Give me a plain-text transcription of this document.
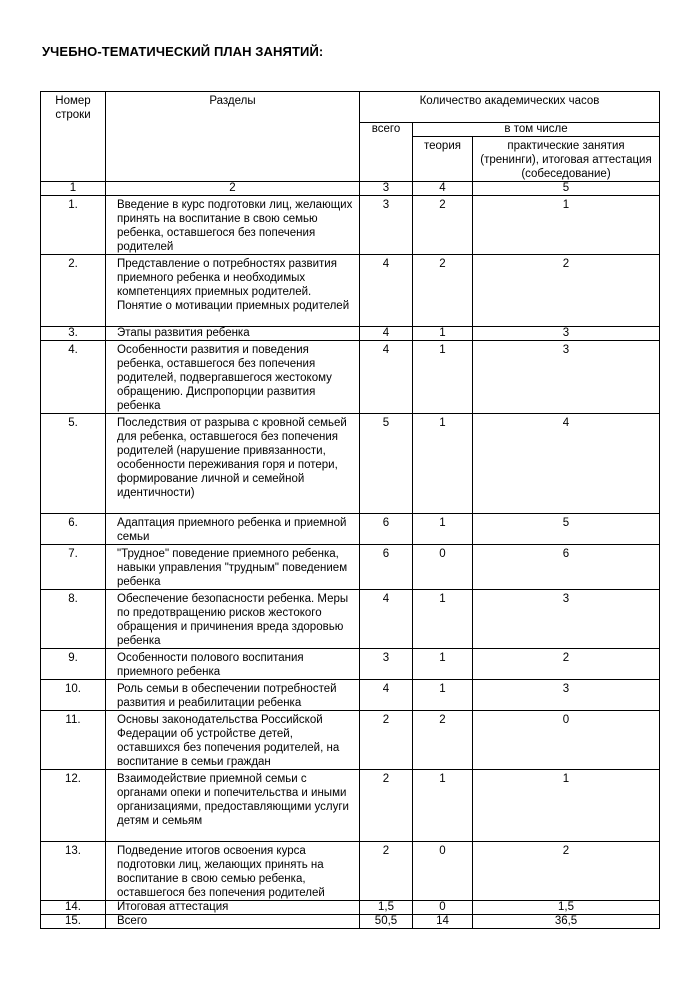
УЧЕБНО-ТЕМАТИЧЕСКИЙ ПЛАН ЗАНЯТИЙ:
Номер строки	Разделы	Количество академических часов		
		всего	в том числе	
			теория	практические занятия (тренинги), итоговая аттестация (собеседование)
1	2	3	4	5
1.	Введение в курс подготовки лиц, желающих принять на воспитание в свою семью ребенка, оставшегося без попечения родителей	3	2	1
2.	Представление о потребностях развития приемного ребенка и необходимых компетенциях приемных родителей. Понятие о мотивации приемных родителей	4	2	2
3.	Этапы развития ребенка	4	1	3
4.	Особенности развития и поведения ребенка, оставшегося без попечения родителей, подвергавшегося жестокому обращению. Диспропорции развития ребенка	4	1	3
5.	Последствия от разрыва с кровной семьей для ребенка, оставшегося без попечения родителей (нарушение привязанности, особенности переживания горя и потери, формирование личной и семейной идентичности)	5	1	4
6.	Адаптация приемного ребенка и приемной семьи	6	1	5
7.	"Трудное" поведение приемного ребенка, навыки управления "трудным" поведением ребенка	6	0	6
8.	Обеспечение безопасности ребенка. Меры по предотвращению рисков жестокого обращения и причинения вреда здоровью ребенка	4	1	3
9.	Особенности полового воспитания приемного ребенка	3	1	2
10.	Роль семьи в обеспечении потребностей развития и реабилитации ребенка	4	1	3
11.	Основы законодательства Российской Федерации об устройстве детей, оставшихся без попечения родителей, на воспитание в семьи граждан	2	2	0
12.	Взаимодействие приемной семьи с органами опеки и попечительства и иными организациями, предоставляющими услуги детям и семьям	2	1	1
13.	Подведение итогов освоения курса подготовки лиц, желающих принять на воспитание в свою семью ребенка, оставшегося без попечения родителей	2	0	2
14.	Итоговая аттестация	1,5	0	1,5
15.	Всего	50,5	14	36,5
